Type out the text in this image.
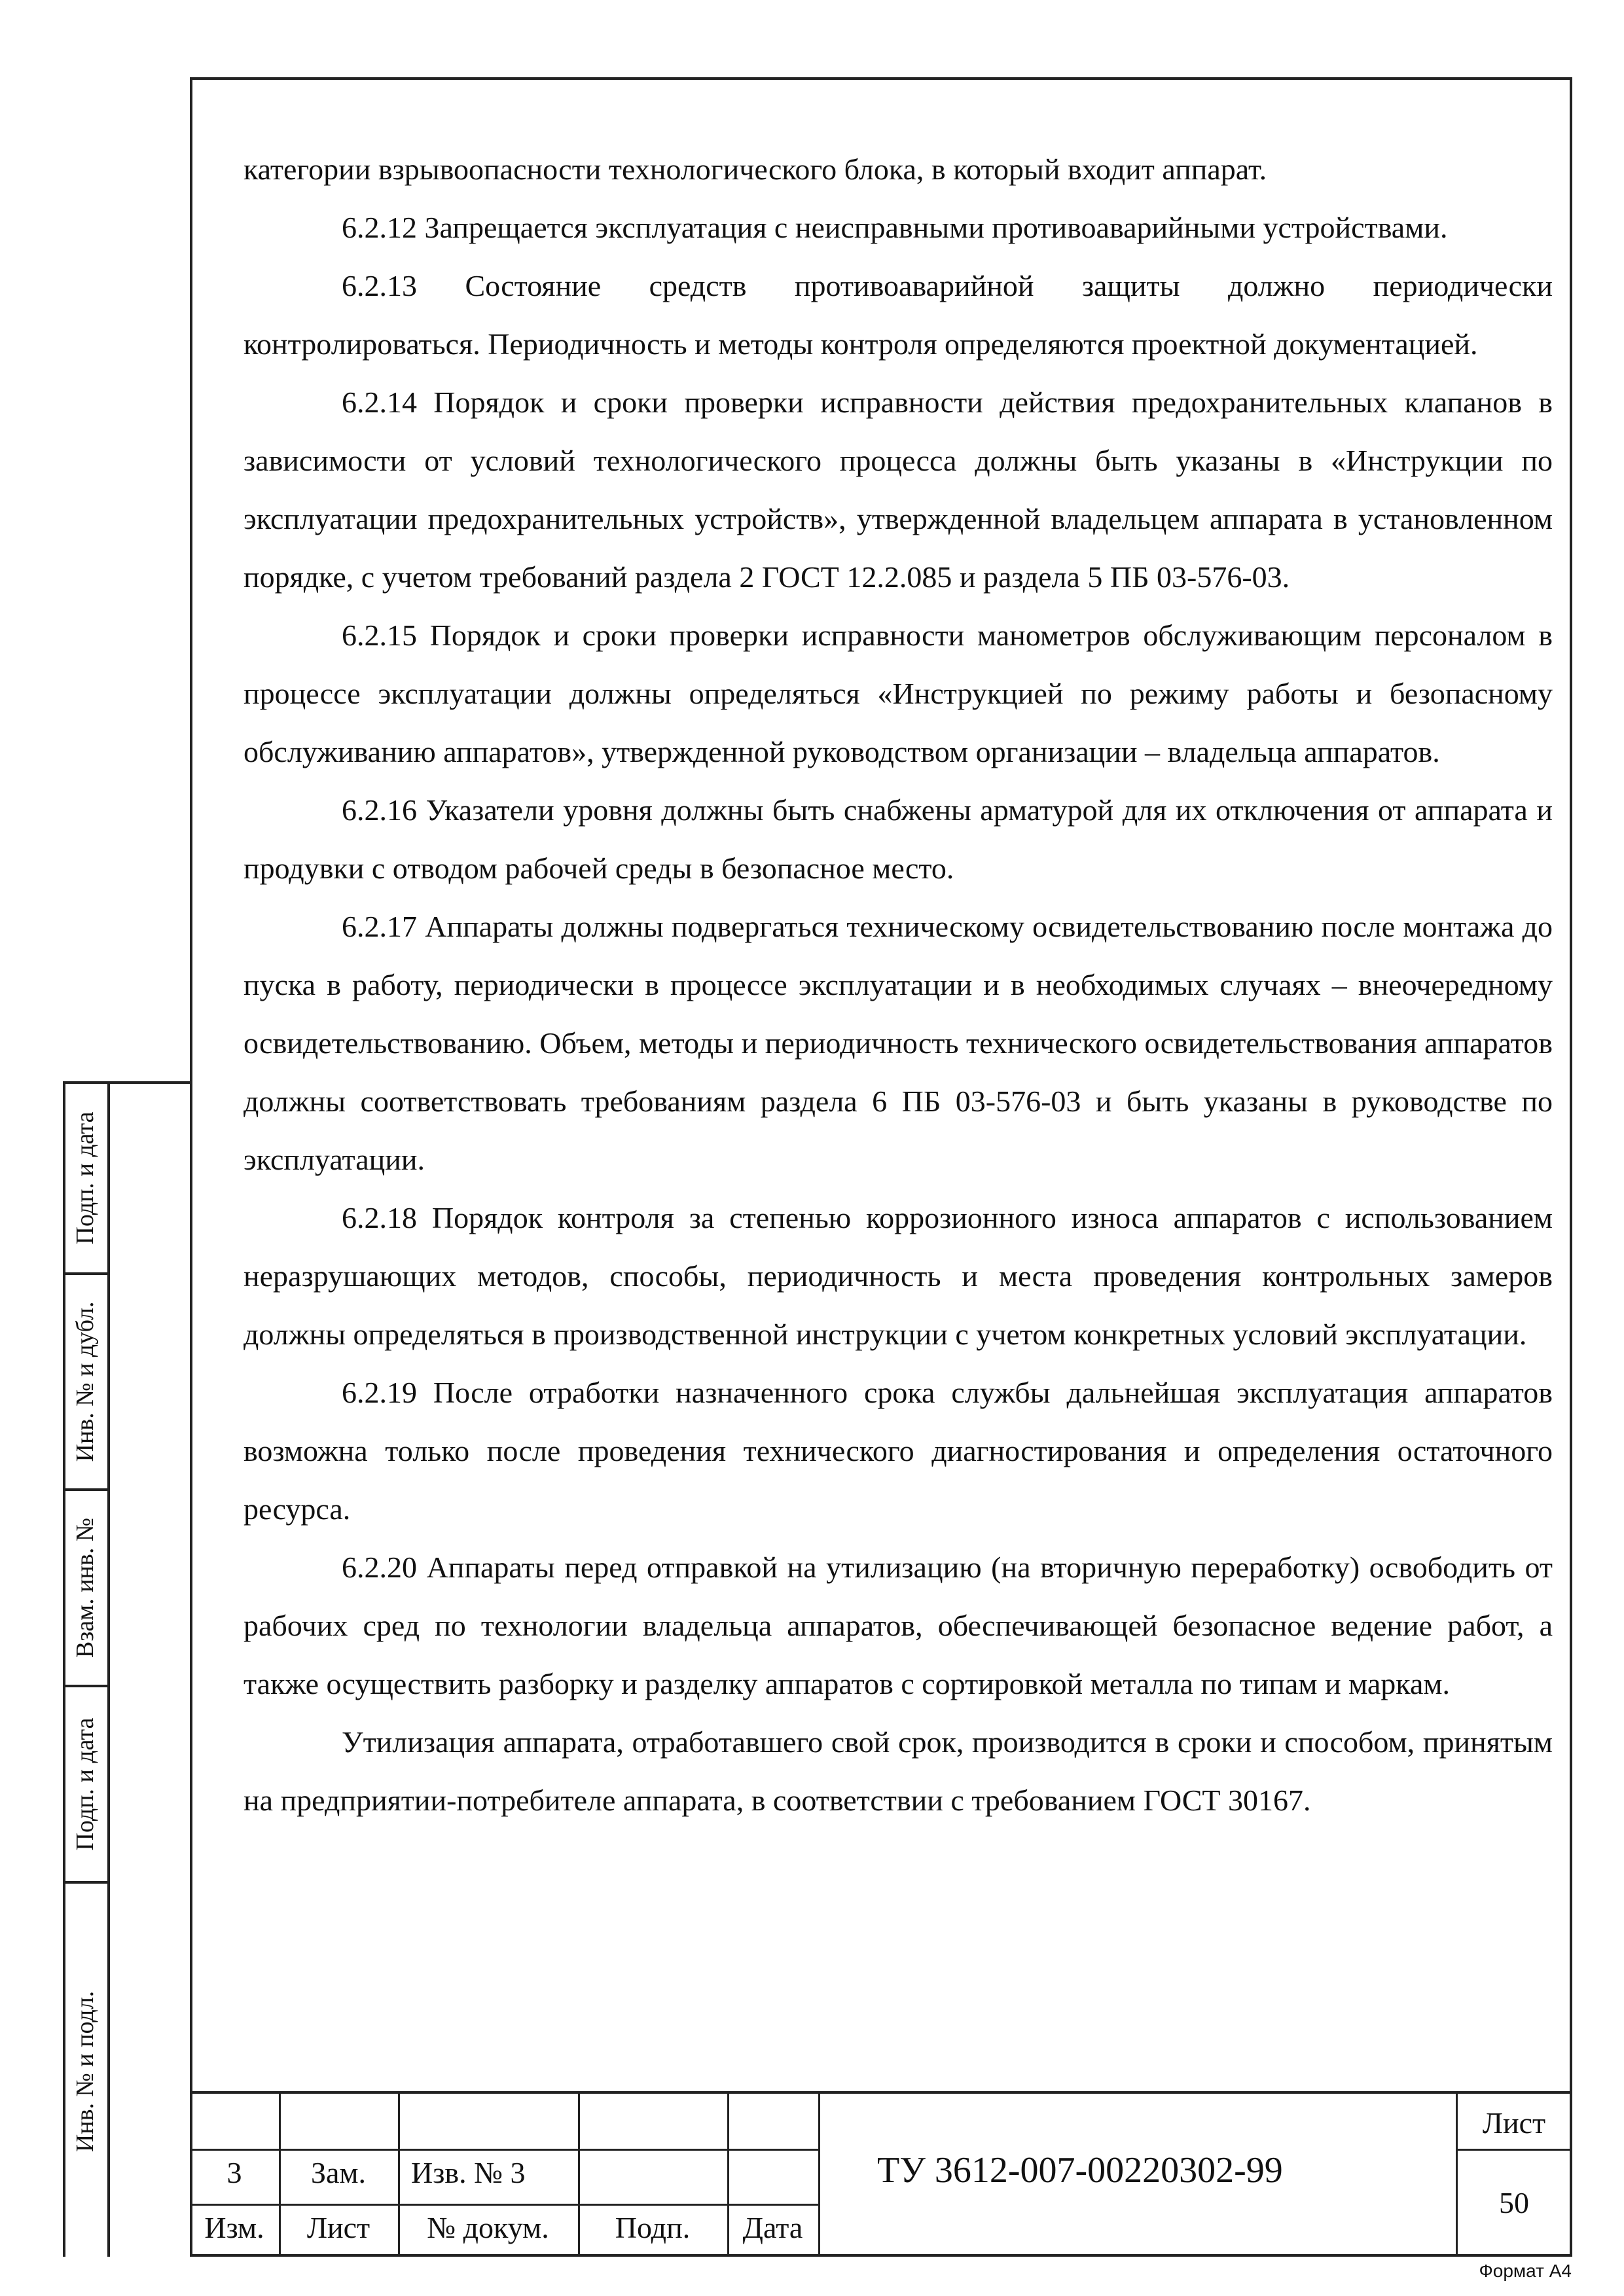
категории взрывоопасности технологического блока, в который входит аппарат.

6.2.12 Запрещается эксплуатация с неисправными противоаварийными устройствами.

6.2.13 Состояние средств противоаварийной защиты должно периодически контролироваться. Периодичность и методы контроля определяются проектной документацией.

6.2.14 Порядок и сроки проверки исправности действия предохранительных клапанов в зависимости от условий технологического процесса должны быть указаны в «Инструкции по эксплуатации предохранительных устройств», утвержденной владельцем аппарата в установленном порядке, с учетом требований раздела 2 ГОСТ 12.2.085 и раздела 5 ПБ 03-576-03.

6.2.15 Порядок и сроки проверки исправности манометров обслуживающим персоналом в процессе эксплуатации должны определяться «Инструкцией по режиму работы и безопасному обслуживанию аппаратов», утвержденной руководством организации – владельца аппаратов.

6.2.16 Указатели уровня должны быть снабжены арматурой для их отключения от аппарата и продувки с отводом рабочей среды в безопасное место.

6.2.17 Аппараты должны подвергаться техническому освидетельствованию после монтажа до пуска в работу, периодически в процессе эксплуатации и в необходимых случаях – внеочередному освидетельствованию. Объем, методы и периодичность технического освидетельствования аппаратов должны соответствовать требованиям раздела 6 ПБ 03-576-03 и быть указаны в руководстве по эксплуатации.

6.2.18 Порядок контроля за степенью коррозионного износа аппаратов с использованием неразрушающих методов, способы, периодичность и места проведения контрольных замеров должны определяться в производственной инструкции с учетом конкретных условий эксплуатации.

6.2.19 После отработки назначенного срока службы дальнейшая эксплуатация аппаратов возможна только после проведения технического диагностирования и определения остаточного ресурса.

6.2.20 Аппараты перед отправкой на утилизацию (на вторичную переработку) освободить от рабочих сред по технологии владельца аппаратов, обеспечивающей безопасное ведение работ, а также осуществить разборку и разделку аппаратов с сортировкой металла по типам и маркам.

Утилизация аппарата, отработавшего свой срок, производится в сроки и способом, принятым на предприятии-потребителе аппарата, в соответствии с требованием ГОСТ 30167.

Подп. и дата
Инв. № и дубл.
Взам. инв. №
Подп. и дата
Инв. № и подл.
3	Зам.	Изв. № 3
Изм.	Лист	№ докум.	Подп.	Дата
ТУ 3612-007-00220302-99
Лист
50
Формат А4
